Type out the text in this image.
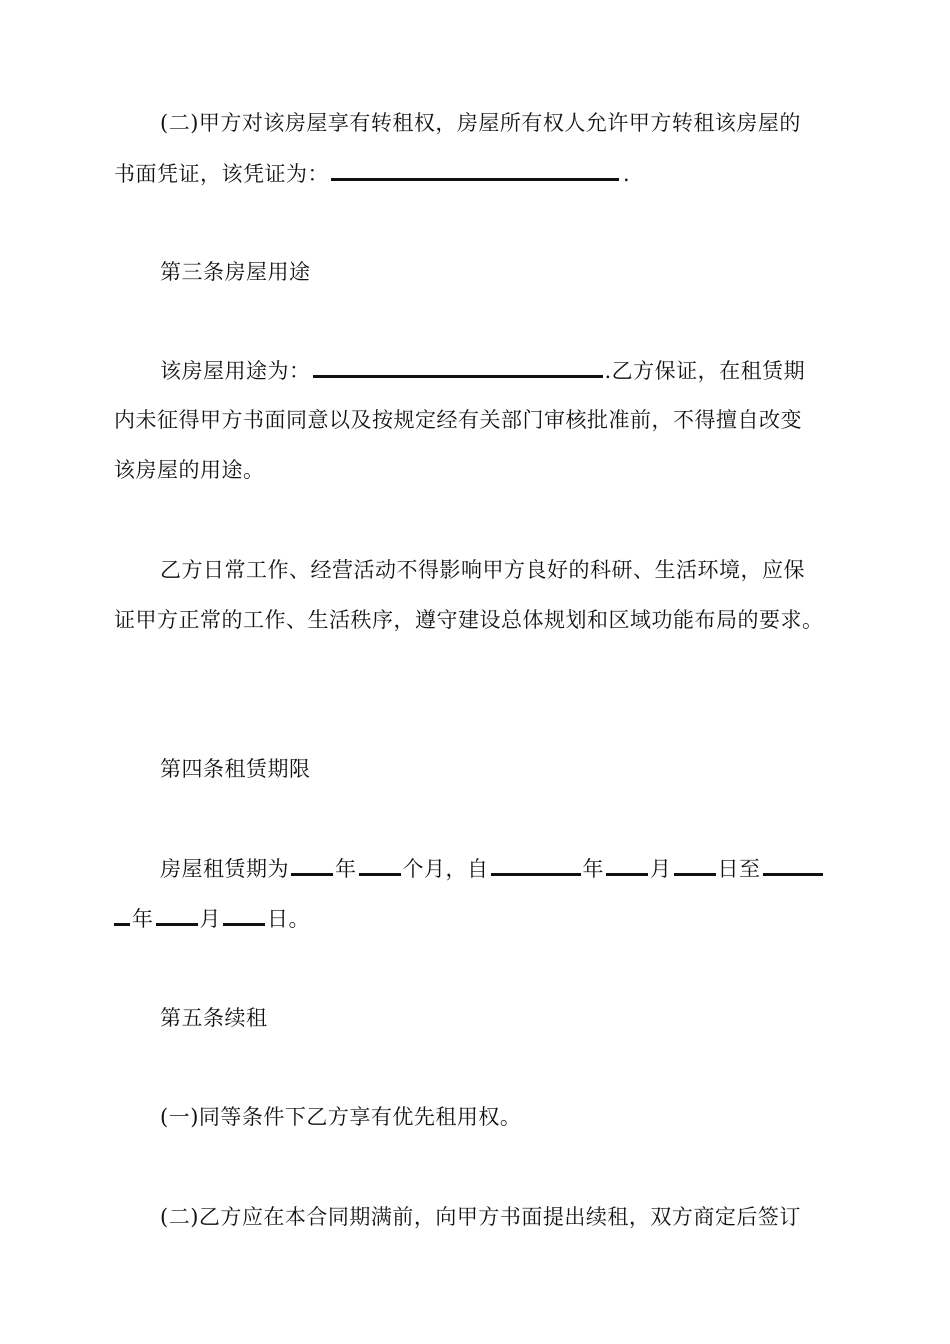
(二)甲方对该房屋享有转租权，房屋所有权人允许甲方转租该房屋的
书面凭证，该凭证为：	.
第三条房屋用途
该房屋用途为：	.乙方保证，在租赁期
内未征得甲方书面同意以及按规定经有关部门审核批准前，不得擅自改变
该房屋的用途。
乙方日常工作、经营活动不得影响甲方良好的科研、生活环境，应保
证甲方正常的工作、生活秩序，遵守建设总体规划和区域功能布局的要求。
第四条租赁期限
房屋租赁期为 年 个月，自	年 月 日至
年 月 日。
第五条续租
(一)同等条件下乙方享有优先租用权。
(二)乙方应在本合同期满前，向甲方书面提出续租，双方商定后签订
